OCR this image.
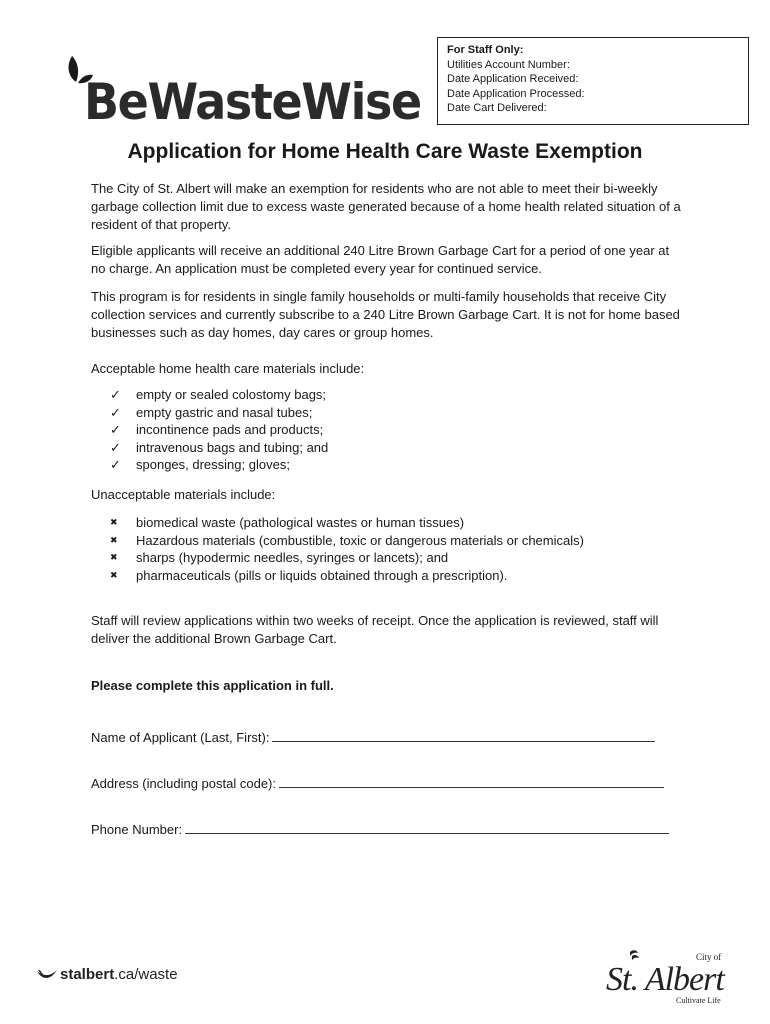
BeWasteWise
For Staff Only:
Utilities Account Number:
Date Application Received:
Date Application Processed:
Date Cart Delivered:
Application for Home Health Care Waste Exemption

The City of St. Albert will make an exemption for residents who are not able to meet their bi-weekly garbage collection limit due to excess waste generated because of a home health related situation of a resident of that property.

Eligible applicants will receive an additional 240 Litre Brown Garbage Cart for a period of one year at no charge. An application must be completed every year for continued service.

This program is for residents in single family households or multi-family households that receive City collection services and currently subscribe to a 240 Litre Brown Garbage Cart. It is not for home based businesses such as day homes, day cares or group homes.

Acceptable home health care materials include:

✓	empty or sealed colostomy bags;
✓	empty gastric and nasal tubes;
✓	incontinence pads and products;
✓	intravenous bags and tubing; and
✓	sponges, dressing; gloves;

Unacceptable materials include:

✖	biomedical waste (pathological wastes or human tissues)
✖	Hazardous materials (combustible, toxic or dangerous materials or chemicals)
✖	sharps (hypodermic needles, syringes or lancets); and
✖	pharmaceuticals (pills or liquids obtained through a prescription).

Staff will review applications within two weeks of receipt. Once the application is reviewed, staff will deliver the additional Brown Garbage Cart.

Please complete this application in full.

Name of Applicant (Last, First):
Address (including postal code):
Phone Number:
stalbert .ca/waste
City of
St. Albert
Cultivate Life
